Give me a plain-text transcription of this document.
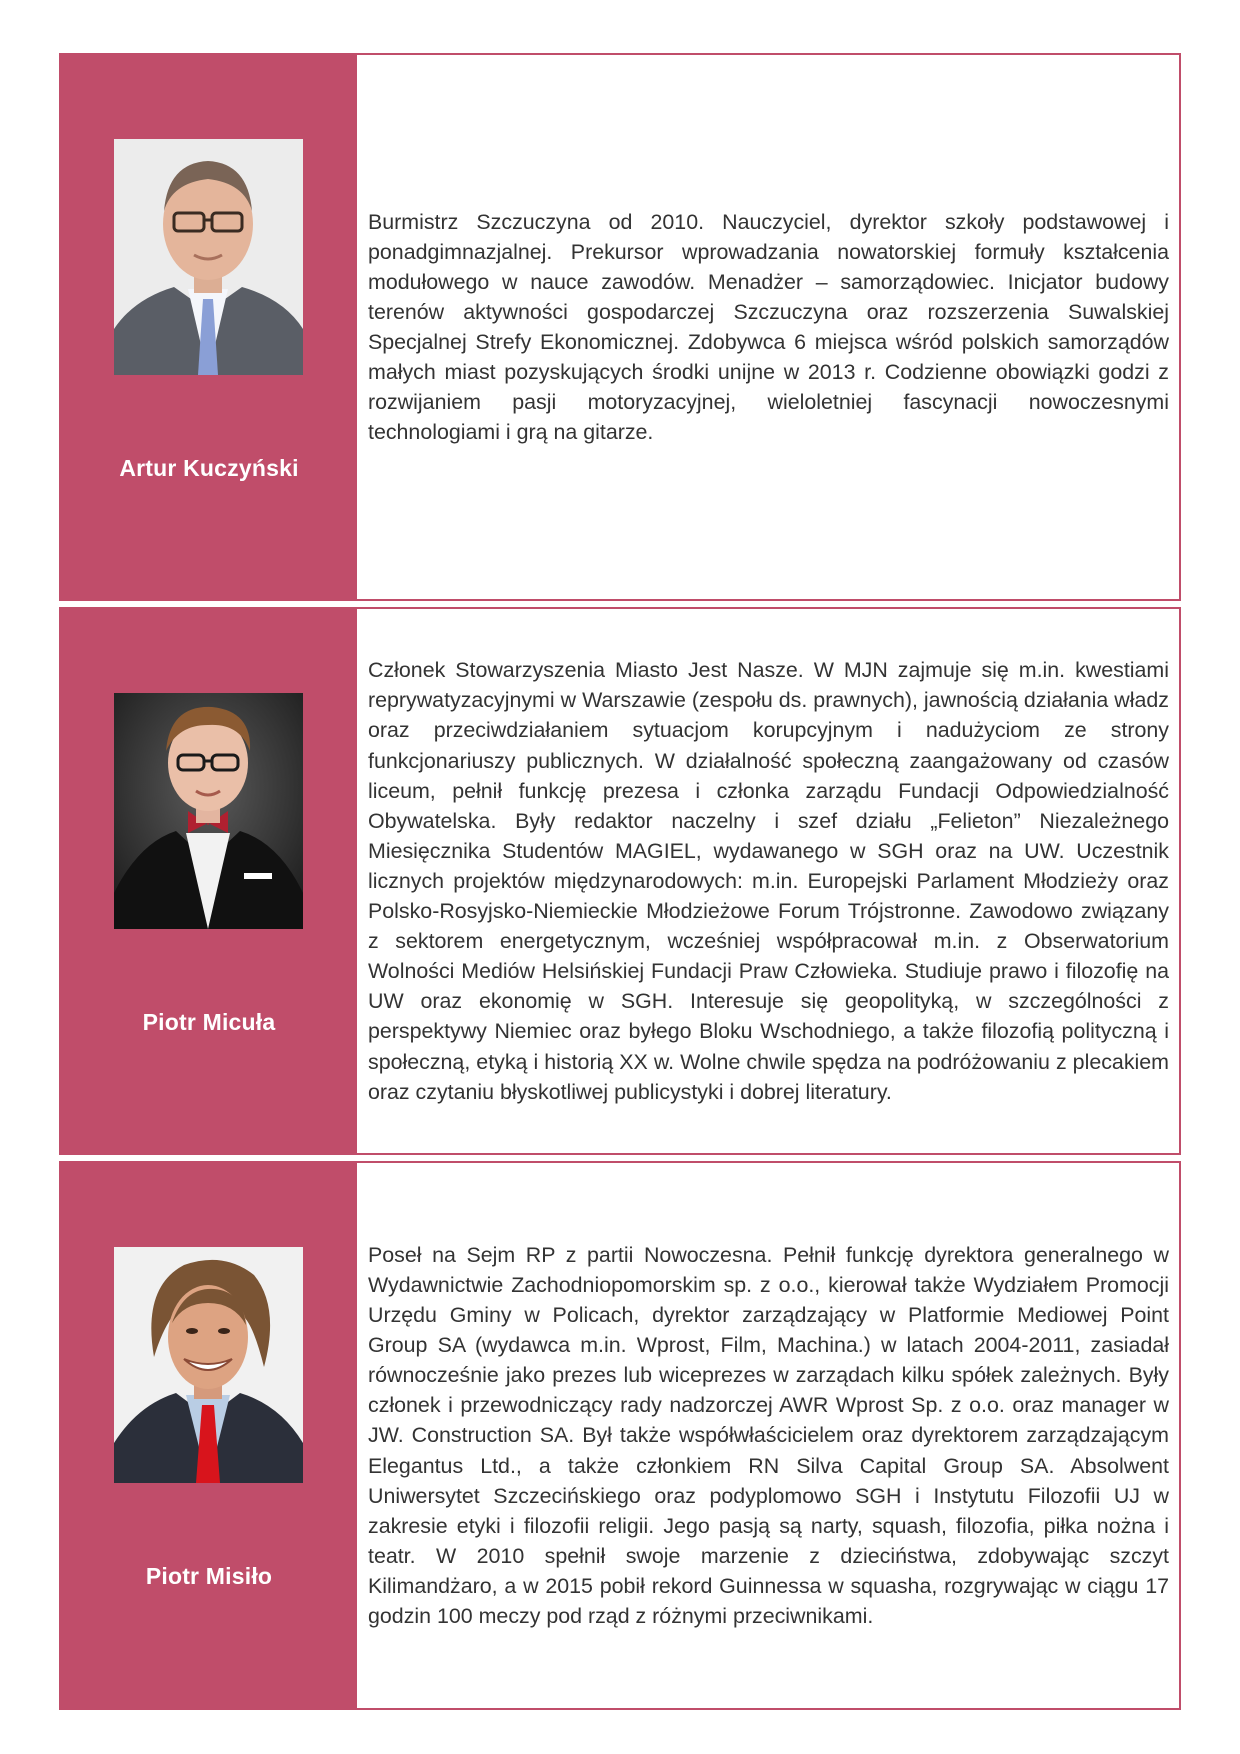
Artur Kuczyński

Burmistrz Szczuczyna od 2010. Nauczyciel, dyrektor szkoły podstawowej i ponadgimnazjalnej. Prekursor wprowadzania nowatorskiej formuły kształcenia modułowego w nauce zawodów. Menadżer – samorządowiec. Inicjator budowy terenów aktywności gospodarczej Szczuczyna oraz rozszerzenia Suwalskiej Specjalnej Strefy Ekonomicznej. Zdobywca 6 miejsca wśród polskich samorządów małych miast pozyskujących środki unijne w 2013 r. Codzienne obowiązki godzi z rozwijaniem pasji motoryzacyjnej, wieloletniej fascynacji nowoczesnymi technologiami i grą na gitarze.

Piotr Micuła

Członek Stowarzyszenia Miasto Jest Nasze. W MJN zajmuje się m.in. kwestiami reprywatyzacyjnymi w Warszawie (zespołu ds. prawnych), jawnością działania władz oraz przeciwdziałaniem sytuacjom korupcyjnym i nadużyciom ze strony funkcjonariuszy publicznych. W działalność społeczną zaangażowany od czasów liceum, pełnił funkcję prezesa i członka zarządu Fundacji Odpowiedzialność Obywatelska. Były redaktor naczelny i szef działu „Felieton” Niezależnego Miesięcznika Studentów MAGIEL, wydawanego w SGH oraz na UW. Uczestnik licznych projektów międzynarodowych: m.in. Europejski Parlament Młodzieży oraz Polsko-Rosyjsko-Niemieckie Młodzieżowe Forum Trójstronne. Zawodowo związany z sektorem energetycznym, wcześniej współpracował m.in. z Obserwatorium Wolności Mediów Helsińskiej Fundacji Praw Człowieka. Studiuje prawo i filozofię na UW oraz ekonomię w SGH. Interesuje się geopolityką, w szczególności z perspektywy Niemiec oraz byłego Bloku Wschodniego, a także filozofią polityczną i społeczną, etyką i historią XX w. Wolne chwile spędza na podróżowaniu z plecakiem oraz czytaniu błyskotliwej publicystyki i dobrej literatury.

Piotr Misiło

Poseł na Sejm RP z partii Nowoczesna. Pełnił funkcję dyrektora generalnego w Wydawnictwie Zachodniopomorskim sp. z o.o., kierował także Wydziałem Promocji Urzędu Gminy w Policach, dyrektor zarządzający w Platformie Mediowej Point Group SA (wydawca m.in. Wprost, Film, Machina.) w latach 2004-2011, zasiadał równocześnie jako prezes lub wiceprezes w zarządach kilku spółek zależnych. Były członek i przewodniczący rady nadzorczej AWR Wprost Sp. z o.o. oraz manager w JW. Construction SA. Był także współwłaścicielem oraz dyrektorem zarządzającym Elegantus Ltd., a także członkiem RN Silva Capital Group SA. Absolwent Uniwersytet Szczecińskiego oraz podyplomowo SGH i Instytutu Filozofii UJ w zakresie etyki i filozofii religii. Jego pasją są narty, squash, filozofia, piłka nożna i teatr. W 2010 spełnił swoje marzenie z dzieciństwa, zdobywając szczyt Kilimandżaro, a w 2015 pobił rekord Guinnessa w squasha, rozgrywając w ciągu 17 godzin 100 meczy pod rząd z różnymi przeciwnikami.
